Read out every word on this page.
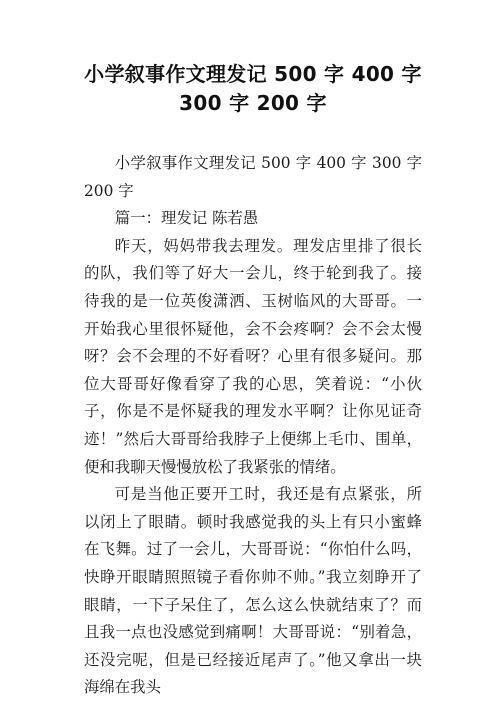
小学叙事作文理发记 500 字 400 字
300 字 200 字

小学叙事作文理发记 500 字 400 字 300 字 200 字

篇一：理发记 陈若愚

昨天，妈妈带我去理发。理发店里排了很长的队，我们等了好大一会儿，终于轮到我了。接待我的是一位英俊潇洒、玉树临风的大哥哥。一开始我心里很怀疑他，会不会疼啊？会不会太慢呀？会不会理的不好看呀？心里有很多疑问。那位大哥哥好像看穿了我的心思，笑着说：“小伙子，你是不是怀疑我的理发水平啊？让你见证奇迹！”然后大哥哥给我脖子上便绑上毛巾、围单，便和我聊天慢慢放松了我紧张的情绪。

可是当他正要开工时，我还是有点紧张，所以闭上了眼睛。顿时我感觉我的头上有只小蜜蜂在飞舞。过了一会儿，大哥哥说：“你怕什么吗，快睁开眼睛照照镜子看你帅不帅。”我立刻睁开了眼睛，一下子呆住了，怎么这么快就结束了？而且我一点也没感觉到痛啊！大哥哥说：“别着急，还没完呢，但是已经接近尾声了。”他又拿出一块海绵在我头
